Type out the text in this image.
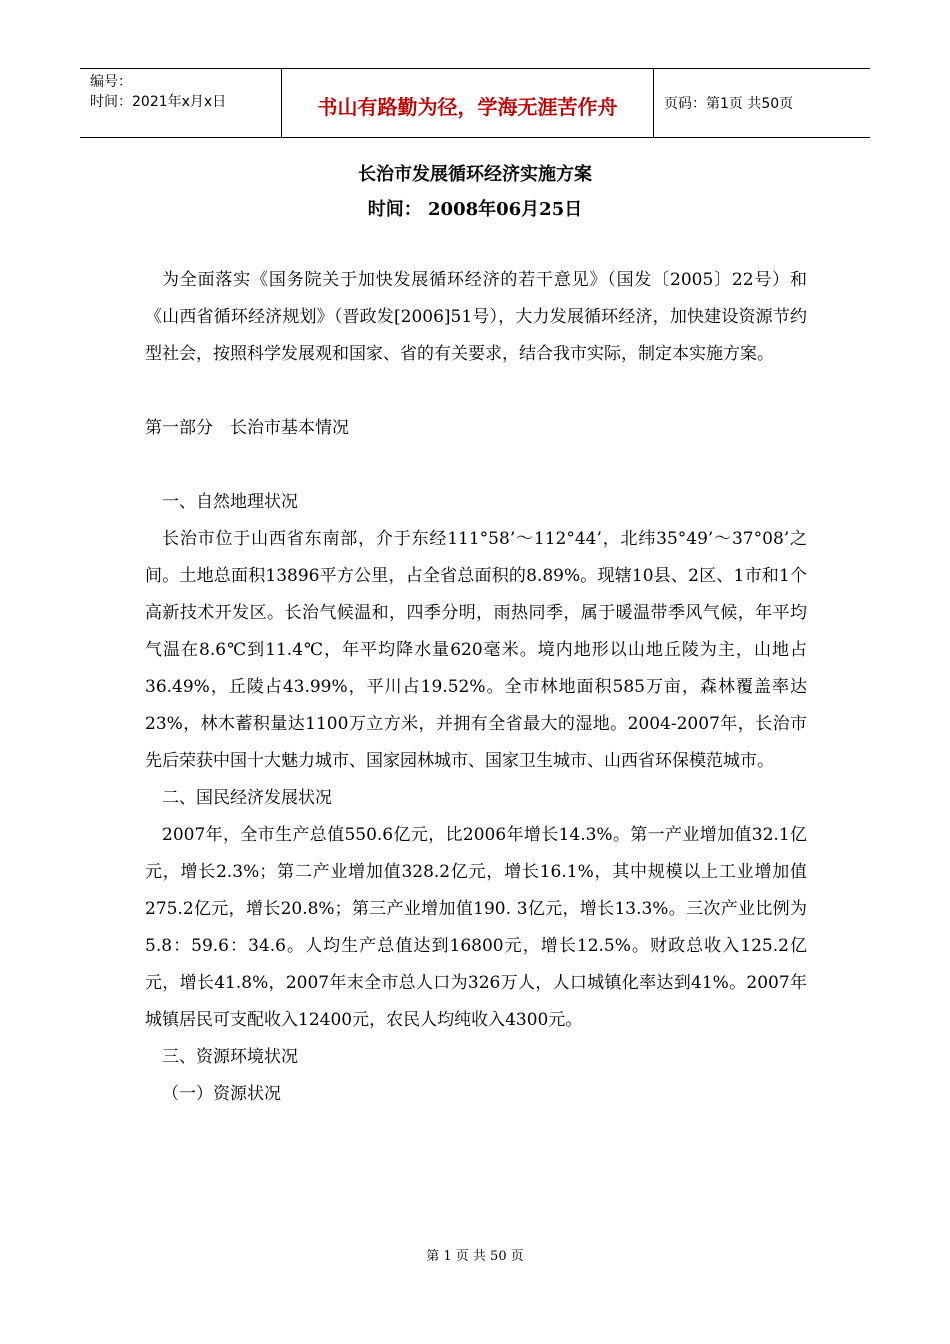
编号：
时间：2021年x月x日	书山有路勤为径，学海无涯苦作舟	页码：第1页 共50页
长治市发展循环经济实施方案
时间： 2008年06月25日

为全面落实《国务院关于加快发展循环经济的若干意见》（国发〔2005〕22号）和《山西省循环经济规划》（晋政发[2006]51号），大力发展循环经济，加快建设资源节约型社会，按照科学发展观和国家、省的有关要求，结合我市实际，制定本实施方案。

第一部分　长治市基本情况

一、自然地理状况

长治市位于山西省东南部，介于东经111°58’～112°44’，北纬35°49’～37°08’之间。土地总面积13896平方公里，占全省总面积的8.89%。现辖10县、2区、1市和1个高新技术开发区。长治气候温和，四季分明，雨热同季，属于暖温带季风气候，年平均气温在8.6℃到11.4℃，年平均降水量620毫米。境内地形以山地丘陵为主，山地占36.49%，丘陵占43.99%，平川占19.52%。全市林地面积585万亩，森林覆盖率达23%，林木蓄积量达1100万立方米，并拥有全省最大的湿地。2004-2007年，长治市先后荣获中国十大魅力城市、国家园林城市、国家卫生城市、山西省环保模范城市。

二、国民经济发展状况

2007年，全市生产总值550.6亿元，比2006年增长14.3%。第一产业增加值32.1亿元，增长2.3%；第二产业增加值328.2亿元，增长16.1%，其中规模以上工业增加值275.2亿元，增长20.8%；第三产业增加值190. 3亿元，增长13.3%。三次产业比例为5.8：59.6：34.6。人均生产总值达到16800元，增长12.5%。财政总收入125.2亿元，增长41.8%，2007年末全市总人口为326万人，人口城镇化率达到41%。2007年城镇居民可支配收入12400元，农民人均纯收入4300元。

三、资源环境状况

（一）资源状况

第 1 页 共 50 页
